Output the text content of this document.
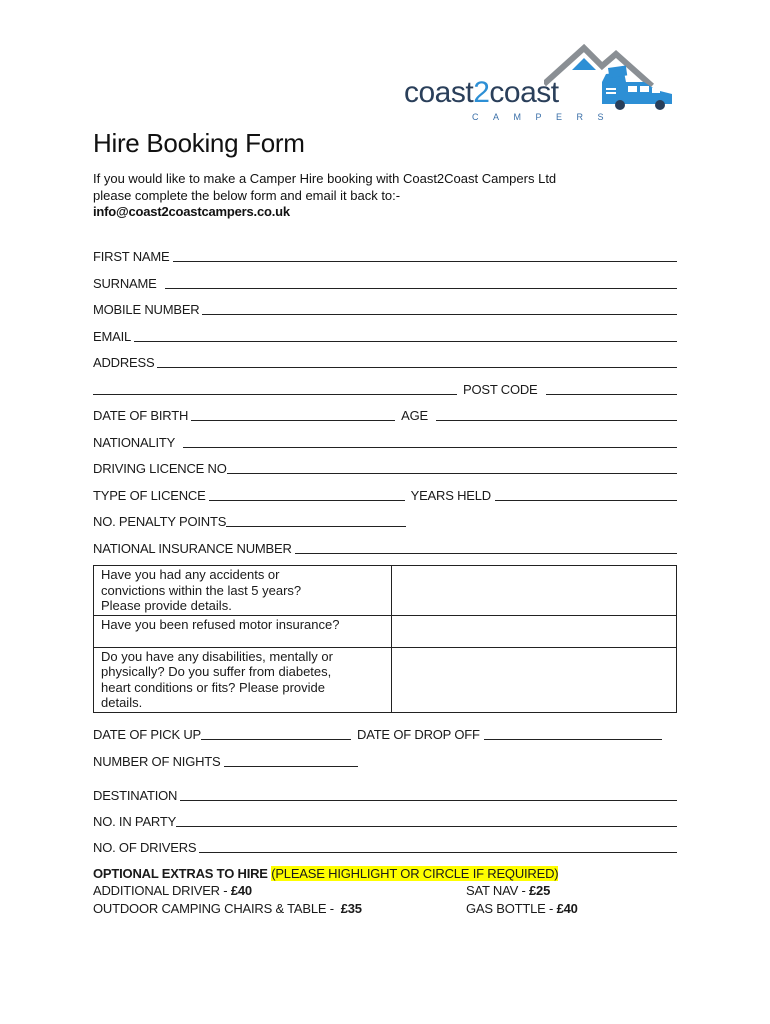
coast2coast
CAMPERS
Hire Booking Form
If you would like to make a Camper Hire booking with Coast2Coast Campers Ltd
please complete the below form and email it back to:-
info@coast2coastcampers.co.uk
FIRST NAME
SURNAME
MOBILE NUMBER
EMAIL
ADDRESS
POST CODE
DATE OF BIRTH	AGE
NATIONALITY
DRIVING LICENCE NO
TYPE OF LICENCE	YEARS HELD
NO. PENALTY POINTS
NATIONAL INSURANCE NUMBER
Have you had any accidents or
convictions within the last 5 years?
Please provide details.	

Have you been refused motor insurance?	

Do you have any disabilities, mentally or
physically? Do you suffer from diabetes,
heart conditions or fits? Please provide
details.	

DATE OF PICK UP	DATE OF DROP OFF
NUMBER OF NIGHTS
DESTINATION
NO. IN PARTY
NO. OF DRIVERS
OPTIONAL EXTRAS TO HIRE (PLEASE HIGHLIGHT OR CIRCLE IF REQUIRED)
ADDITIONAL DRIVER - £40	SAT NAV - £25
OUTDOOR CAMPING CHAIRS & TABLE -  £35	GAS BOTTLE - £40
